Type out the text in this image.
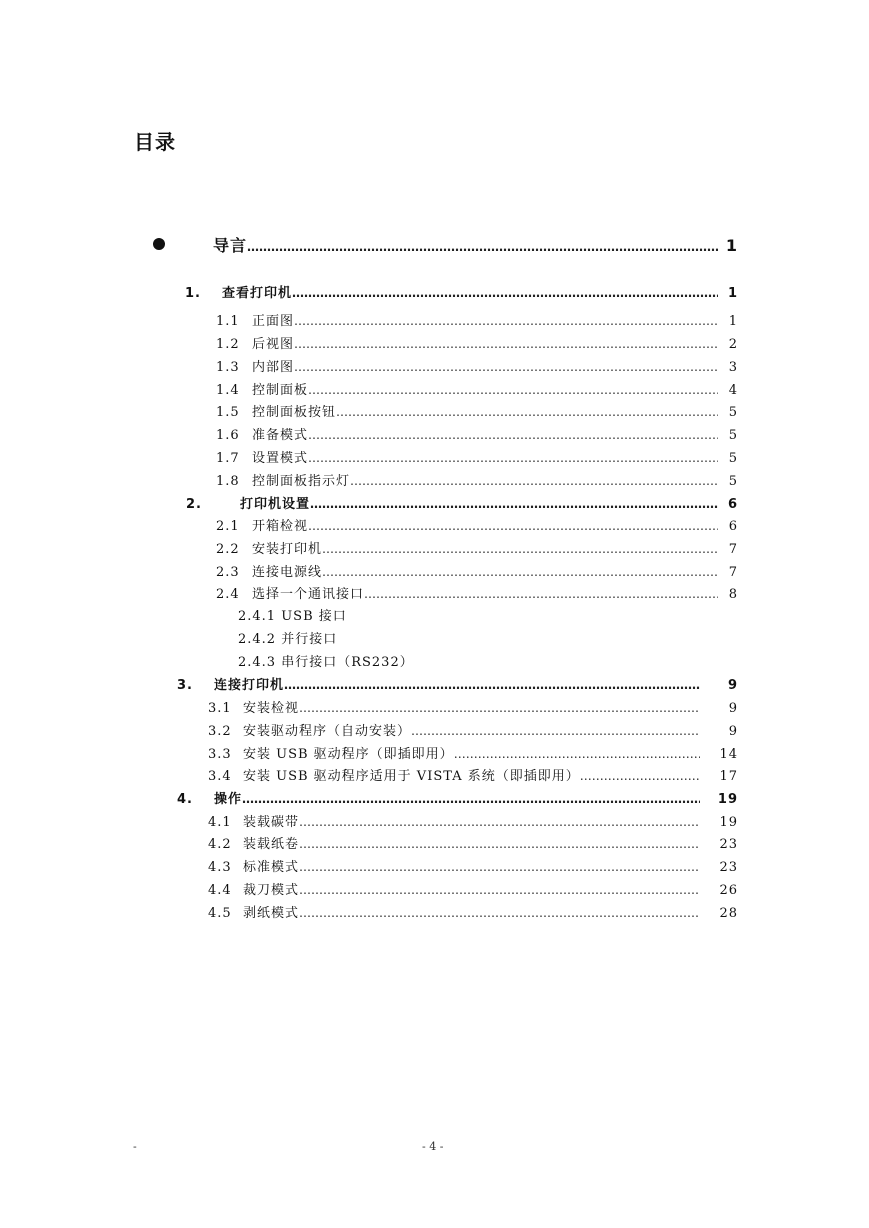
目录
导言 …………………………………………………………………………………………………………………………………………………………………………	1
1.	查看打印机 …………………………………………………………………………………………………………………………………………………………………………	1
1.1 正面图 …………………………………………………………………………………………………………………………………………………………………………	1
1.2 后视图 …………………………………………………………………………………………………………………………………………………………………………	2
1.3 内部图 …………………………………………………………………………………………………………………………………………………………………………	3
1.4 控制面板 …………………………………………………………………………………………………………………………………………………………………………	4
1.5 控制面板按钮 …………………………………………………………………………………………………………………………………………………………………………	5
1.6 准备模式 …………………………………………………………………………………………………………………………………………………………………………	5
1.7 设置模式 …………………………………………………………………………………………………………………………………………………………………………	5
1.8 控制面板指示灯 …………………………………………………………………………………………………………………………………………………………………………	5
2.	打印机设置 …………………………………………………………………………………………………………………………………………………………………………	6
2.1 开箱检视 …………………………………………………………………………………………………………………………………………………………………………	6
2.2 安装打印机 …………………………………………………………………………………………………………………………………………………………………………	7
2.3 连接电源线 …………………………………………………………………………………………………………………………………………………………………………	7
2.4 选择一个通讯接口 …………………………………………………………………………………………………………………………………………………………………………	8
2.4.1 USB 接口
2.4.2 并行接口
2.4.3 串行接口（RS232）
3.	连接打印机 …………………………………………………………………………………………………………………………………………………………………………	9
3.1 安装检视 …………………………………………………………………………………………………………………………………………………………………………	9
3.2 安装驱动程序（自动安装） …………………………………………………………………………………………………………………………………………………………………………	9
3.3 安装 USB 驱动程序（即插即用） …………………………………………………………………………………………………………………………………………………………………………	14
3.4 安装 USB 驱动程序适用于 VISTA 系统（即插即用） …………………………………………………………………………………………………………………………………………………………………………	17
4.	操作 …………………………………………………………………………………………………………………………………………………………………………	19
4.1 装载碳带 …………………………………………………………………………………………………………………………………………………………………………	19
4.2 装载纸卷 …………………………………………………………………………………………………………………………………………………………………………	23
4.3 标准模式 …………………………………………………………………………………………………………………………………………………………………………	23
4.4 裁刀模式 …………………………………………………………………………………………………………………………………………………………………………	26
4.5 剥纸模式 …………………………………………………………………………………………………………………………………………………………………………	28
-	- 4 -
